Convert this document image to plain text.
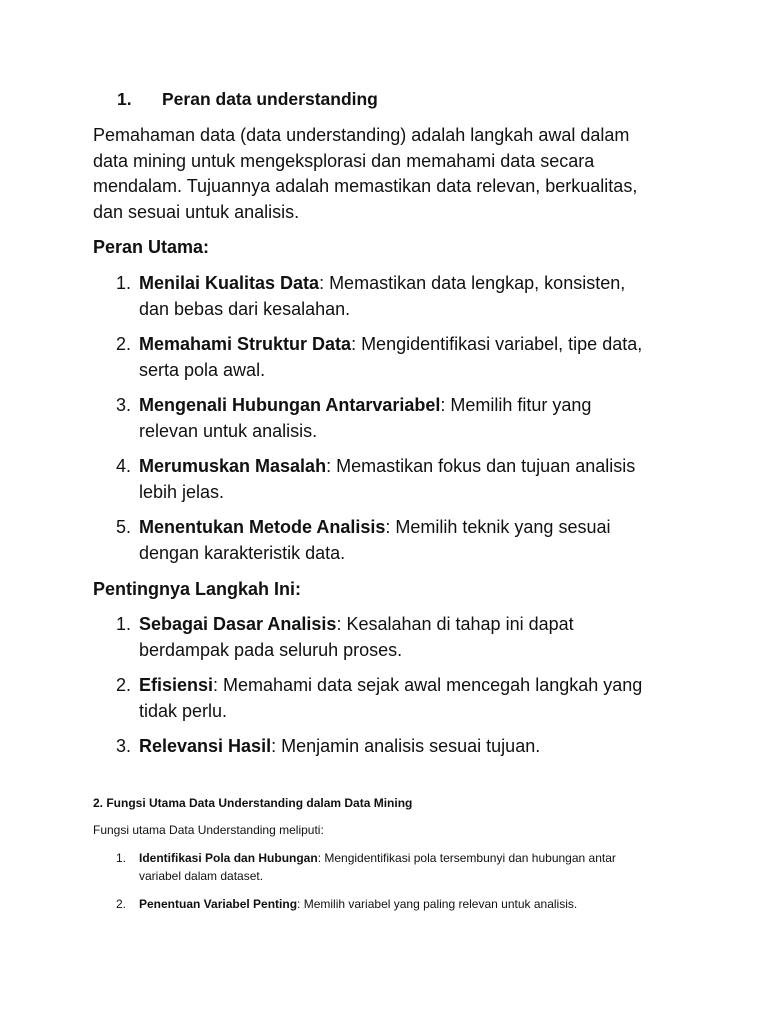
1. Peran data understanding
Pemahaman data (data understanding) adalah langkah awal dalam
data mining untuk mengeksplorasi dan memahami data secara
mendalam. Tujuannya adalah memastikan data relevan, berkualitas,
dan sesuai untuk analisis.
Peran Utama:
1. Menilai Kualitas Data: Memastikan data lengkap, konsisten,
dan bebas dari kesalahan.
2. Memahami Struktur Data: Mengidentifikasi variabel, tipe data,
serta pola awal.
3. Mengenali Hubungan Antarvariabel: Memilih fitur yang
relevan untuk analisis.
4. Merumuskan Masalah: Memastikan fokus dan tujuan analisis
lebih jelas.
5. Menentukan Metode Analisis: Memilih teknik yang sesuai
dengan karakteristik data.
Pentingnya Langkah Ini:
1. Sebagai Dasar Analisis: Kesalahan di tahap ini dapat
berdampak pada seluruh proses.
2. Efisiensi: Memahami data sejak awal mencegah langkah yang
tidak perlu.
3. Relevansi Hasil: Menjamin analisis sesuai tujuan.
2. Fungsi Utama Data Understanding dalam Data Mining
Fungsi utama Data Understanding meliputi:
1. Identifikasi Pola dan Hubungan: Mengidentifikasi pola tersembunyi dan hubungan antar
variabel dalam dataset.
2. Penentuan Variabel Penting: Memilih variabel yang paling relevan untuk analisis.
